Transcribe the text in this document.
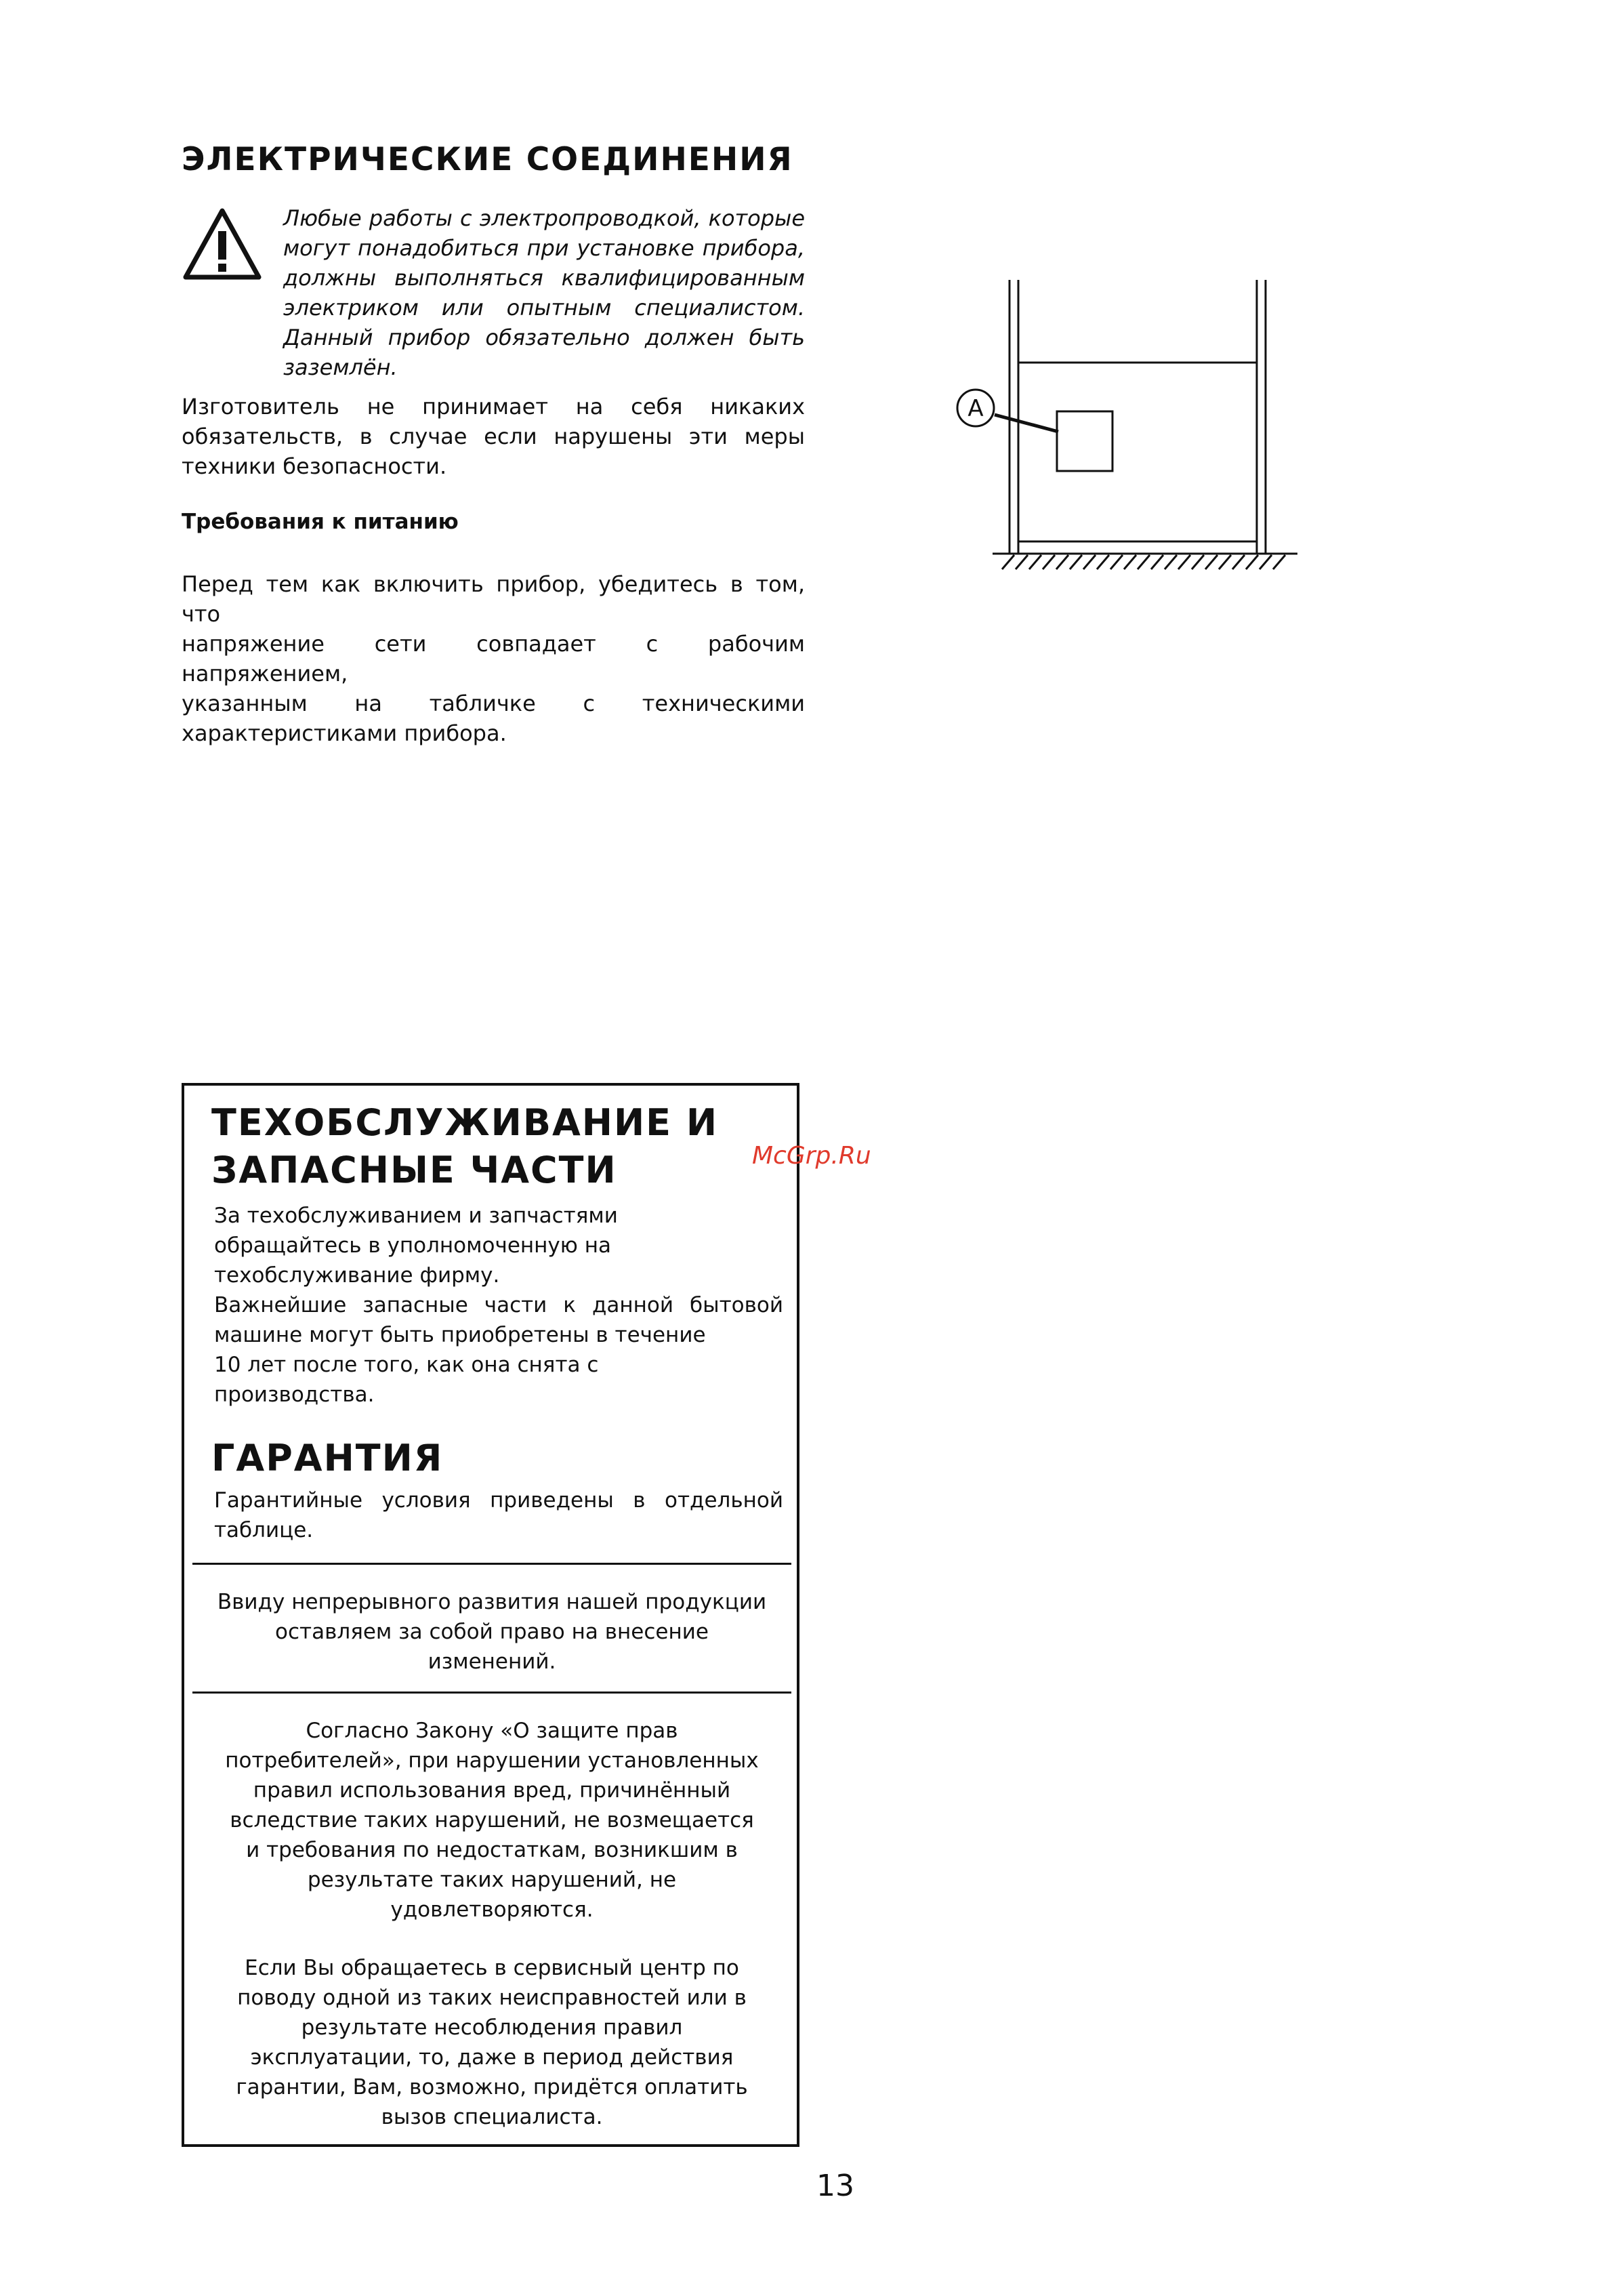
ЭЛЕКТРИЧЕСКИЕ СОЕДИНЕНИЯ
Любые работы с электропроводкой, которые
могут понадобиться при установке прибора,
должны выполняться квалифицированным
электриком или опытным специалистом.
Данный прибор обязательно должен быть
заземлён.
Изготовитель не принимает на себя никаких
обязательств, в случае если нарушены эти меры
техники безопасности.
Требования к питанию
Перед тем как включить прибор, убедитесь в том, что
напряжение сети совпадает с рабочим напряжением,
указанным на табличке с техническими
характеристиками прибора.
A
ТЕХОБСЛУЖИВАНИЕ И
ЗАПАСНЫЕ ЧАСТИ
За техобслуживанием и запчастями
обращайтесь в уполномоченную на
техобслуживание фирму.
Важнейшие запасные части к данной бытовой
машине могут быть приобретены в течение
10 лет после того, как она снята с
производства.
ГАРАНТИЯ
Гарантийные условия приведены в отдельной
таблице.
Ввиду непрерывного развития нашей продукции
оставляем за собой право на внесение
изменений.
Согласно Закону «О защите прав
потребителей», при нарушении установленных
правил использования вред, причинённый
вследствие таких нарушений, не возмещается
и требования по недостаткам, возникшим в
результате таких нарушений, не
удовлетворяются.
Если Вы обращаетесь в сервисный центр по
поводу одной из таких неисправностей или в
результате несоблюдения правил
эксплуатации, то, даже в период действия
гарантии, Вам, возможно, придётся оплатить
вызов специалиста.
McGrp.Ru
13
